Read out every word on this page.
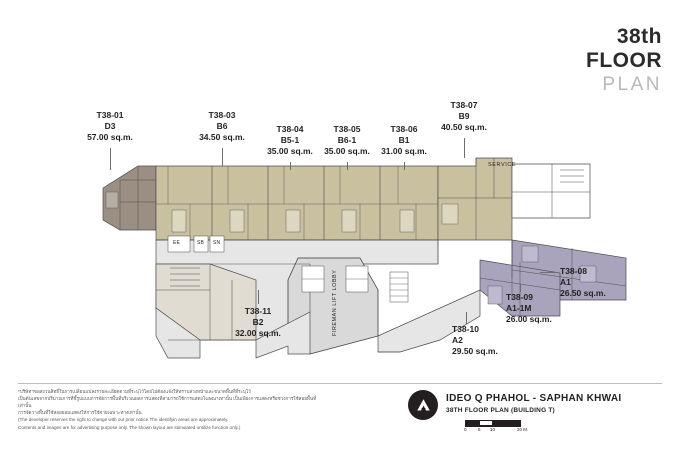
38th
FLOOR
PLAN
SERVICE
FIREMAN LIFT LOBBY
EE	SB SN
T38-01
D3
57.00 sq.m.
T38-03
B6
34.50 sq.m.
T38-04
B5-1
35.00 sq.m.
T38-05
B6-1
35.00 sq.m.
T38-06
B1
31.00 sq.m.
T38-07
B9
40.50 sq.m.
T38-08
A1
26.50 sq.m.
T38-09
A1-1M
26.00 sq.m.
T38-10
A2
29.50 sq.m.
T38-11
B2
32.00 sq.m.

*บริษัทฯขอสงวนสิทธิ์ในการเปลี่ยนแปลงรายละเอียดตามที่ระบุไว้โดยไม่ต้องแจ้งให้ทราบล่วงหน้าและขนาดพื้นที่ที่ระบุไว้

เป็นต้นเลขจากปริมาณการที่ชี้รูปแบบการจัดการพื้นที่บริเวณผลการแสดงที่สามารถใช้การแสดงโฆษณาเท่านั้น เป็นเพียงการแสดงหรือช่วงการใช้สอยพื้นที่เท่านั้น

การจัดวางพื้นที่ใช้สอยยอมแสดงให้การใช้จ่ายเฉพาะทางเท่านั้น

(The developer reserves the right to change with out prior notice.The identifyin areas are approximately.

Contents and images are for advertising purpose only. The shown layout are stimulated untilize function only.)

IDEO Q PHAHOL - SAPHAN KHWAI
38TH FLOOR PLAN (BUILDING T)
0	5 10	20 M.
